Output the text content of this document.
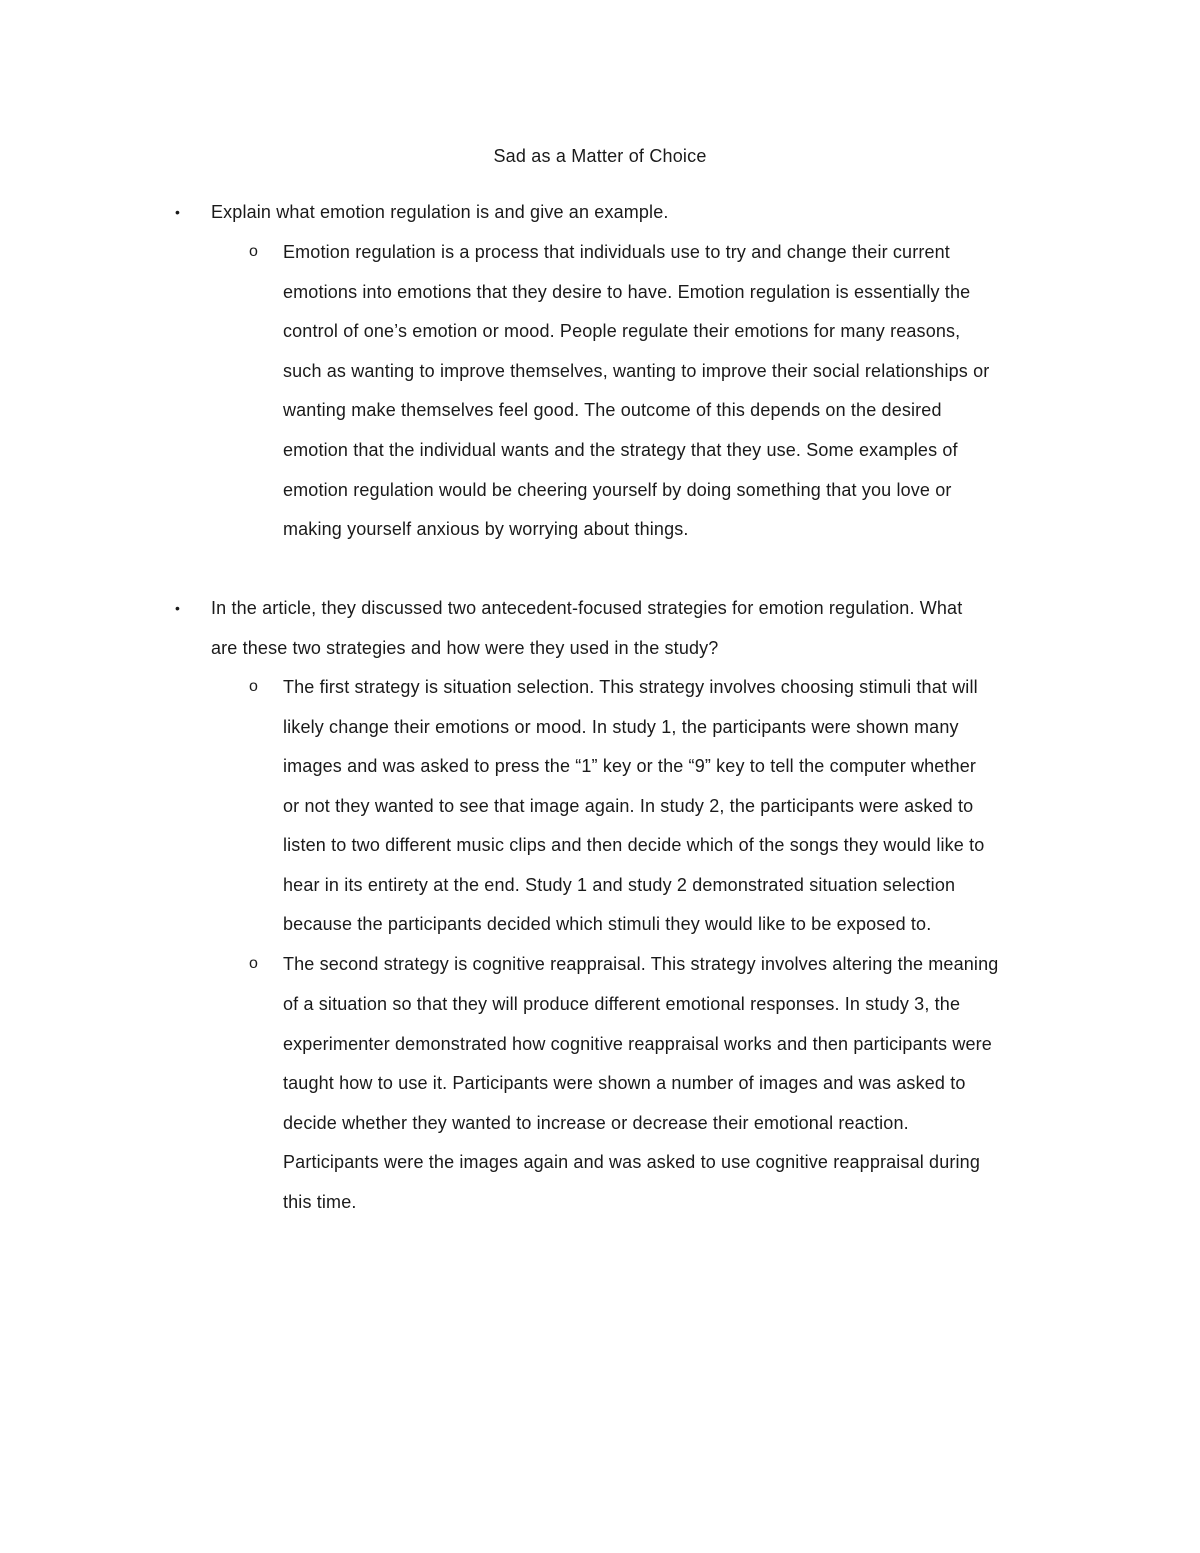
Sad as a Matter of Choice
• Explain what emotion regulation is and give an example.
o Emotion regulation is a process that individuals use to try and change their current
emotions into emotions that they desire to have. Emotion regulation is essentially the
control of one’s emotion or mood. People regulate their emotions for many reasons,
such as wanting to improve themselves, wanting to improve their social relationships or
wanting make themselves feel good. The outcome of this depends on the desired
emotion that the individual wants and the strategy that they use. Some examples of
emotion regulation would be cheering yourself by doing something that you love or
making yourself anxious by worrying about things.
• In the article, they discussed two antecedent-focused strategies for emotion regulation. What
are these two strategies and how were they used in the study?
o The first strategy is situation selection. This strategy involves choosing stimuli that will
likely change their emotions or mood. In study 1, the participants were shown many
images and was asked to press the “1” key or the “9” key to tell the computer whether
or not they wanted to see that image again. In study 2, the participants were asked to
listen to two different music clips and then decide which of the songs they would like to
hear in its entirety at the end. Study 1 and study 2 demonstrated situation selection
because the participants decided which stimuli they would like to be exposed to.
o The second strategy is cognitive reappraisal. This strategy involves altering the meaning
of a situation so that they will produce different emotional responses. In study 3, the
experimenter demonstrated how cognitive reappraisal works and then participants were
taught how to use it. Participants were shown a number of images and was asked to
decide whether they wanted to increase or decrease their emotional reaction.
Participants were the images again and was asked to use cognitive reappraisal during
this time.
